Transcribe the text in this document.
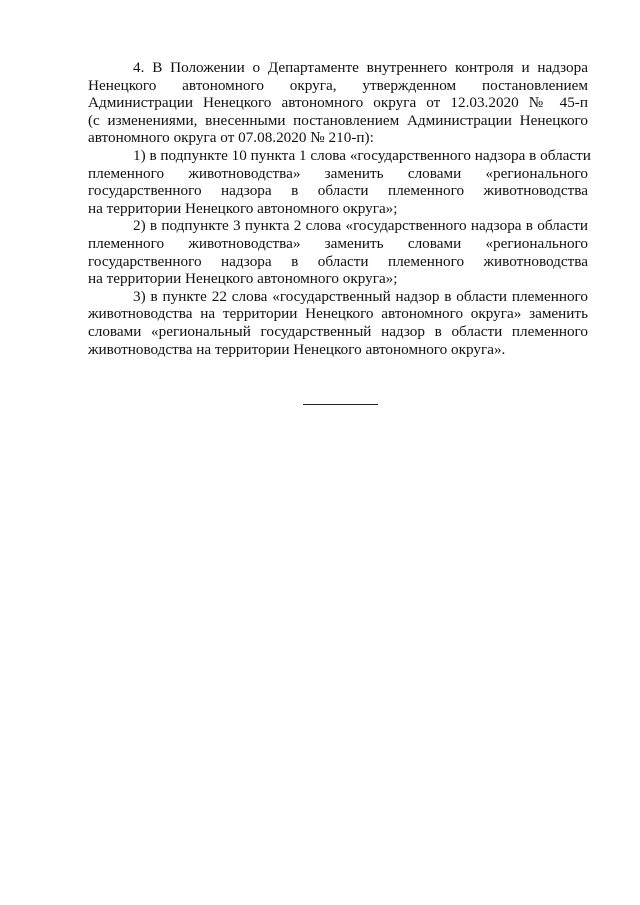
4. В Положении о Департаменте внутреннего контроля и надзора
Ненецкого автономного округа, утвержденном постановлением
Администрации Ненецкого автономного округа от 12.03.2020 № 45-п
(с изменениями, внесенными постановлением Администрации Ненецкого
автономного округа от 07.08.2020 № 210-п):
1) в подпункте 10 пункта 1 слова «государственного надзора в области
племенного животноводства» заменить словами «регионального
государственного надзора в области племенного животноводства
на территории Ненецкого автономного округа»;
2) в подпункте 3 пункта 2 слова «государственного надзора в области
племенного животноводства» заменить словами «регионального
государственного надзора в области племенного животноводства
на территории Ненецкого автономного округа»;
3) в пункте 22 слова «государственный надзор в области племенного
животноводства на территории Ненецкого автономного округа» заменить
словами «региональный государственный надзор в области племенного
животноводства на территории Ненецкого автономного округа».
